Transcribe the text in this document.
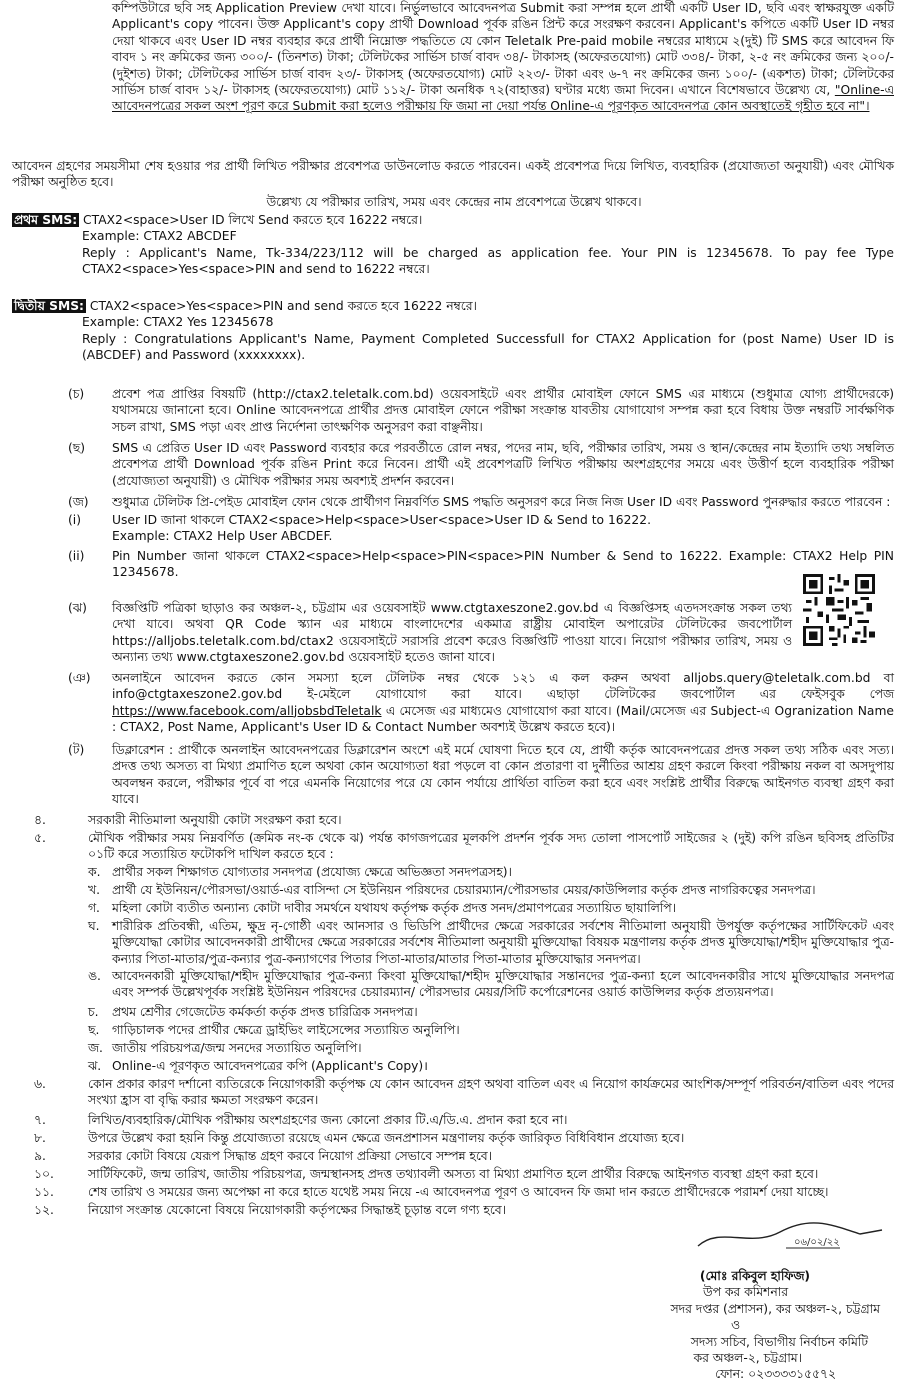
কম্পিউটারে ছবি সহ Application Preview দেখা যাবে। নির্ভুলভাবে আবেদনপত্র Submit করা সম্পন্ন হলে প্রার্থী একটি User ID, ছবি এবং স্বাক্ষরযুক্ত একটি Applicant's copy পাবেন। উক্ত Applicant's copy প্রার্থী Download পূর্বক রঙিন প্রিন্ট করে সংরক্ষণ করবেন। Applicant's কপিতে একটি User ID নম্বর দেয়া থাকবে এবং User ID নম্বর ব্যবহার করে প্রার্থী নিম্নোক্ত পদ্ধতিতে যে কোন Teletalk Pre-paid mobile নম্বরের মাধ্যমে ২(দুই) টি SMS করে আবেদন ফি বাবদ ১ নং ক্রমিকের জন্য ৩০০/- (তিনশত) টাকা; টেলিটকের সার্ভিস চার্জ বাবদ ৩৪/- টাকাসহ (অফেরতযোগ্য) মোট ৩৩৪/- টাকা, ২-৫ নং ক্রমিকের জন্য ২০০/- (দুইশত) টাকা; টেলিটকের সার্ভিস চার্জ বাবদ ২৩/- টাকাসহ (অফেরতযোগ্য) মোট ২২৩/- টাকা এবং ৬-৭ নং ক্রমিকের জন্য ১০০/- (একশত) টাকা; টেলিটকের সার্ভিস চার্জ বাবদ ১২/- টাকাসহ (অফেরতযোগ্য) মোট ১১২/- টাকা অনধিক ৭২(বাহাত্তর) ঘণ্টার মধ্যে জমা দিবেন। এখানে বিশেষভাবে উল্লেখ্য যে, "Online-এ আবেদনপত্রের সকল অংশ পূরণ করে Submit করা হলেও পরীক্ষায় ফি জমা না দেয়া পর্যন্ত Online-এ পূরণকৃত আবেদনপত্র কোন অবস্থাতেই গৃহীত হবে না"।

আবেদন গ্রহণের সময়সীমা শেষ হওয়ার পর প্রার্থী লিখিত পরীক্ষার প্রবেশপত্র ডাউনলোড করতে পারবেন। একই প্রবেশপত্র দিয়ে লিখিত, ব্যবহারিক (প্রযোজ্যতা অনুযায়ী) এবং মৌখিক পরীক্ষা অনুষ্ঠিত হবে।

উল্লেখ্য যে পরীক্ষার তারিখ, সময় এবং কেন্দ্রের নাম প্রবেশপত্রে উল্লেখ থাকবে।

প্রথম SMS: CTAX2<space>User ID লিখে Send করতে হবে 16222 নম্বরে।

Example: CTAX2 ABCDEF

Reply : Applicant's Name, Tk-334/223/112 will be charged as application fee. Your PIN is 12345678. To pay fee Type CTAX2<space>Yes<space>PIN and send to 16222 নম্বরে।

দ্বিতীয় SMS: CTAX2<space>Yes<space>PIN and send করতে হবে 16222 নম্বরে।

Example: CTAX2 Yes 12345678

Reply : Congratulations Applicant's Name, Payment Completed Successfull for CTAX2 Application for (post Name) User ID is (ABCDEF) and Password (xxxxxxxx).

(চ)	প্রবেশ পত্র প্রাপ্তির বিষয়টি (http://ctax2.teletalk.com.bd) ওয়েবসাইটে এবং প্রার্থীর মোবাইল ফোনে SMS এর মাধ্যমে (শুধুমাত্র যোগ্য প্রার্থীদেরকে) যথাসময়ে জানানো হবে। Online আবেদনপত্রে প্রার্থীর প্রদত্ত মোবাইল ফোনে পরীক্ষা সংক্রান্ত যাবতীয় যোগাযোগ সম্পন্ন করা হবে বিধায় উক্ত নম্বরটি সার্বক্ষণিক সচল রাখা, SMS পড়া এবং প্রাপ্ত নির্দেশনা তাৎক্ষণিক অনুসরণ করা বাঞ্ছনীয়।

(ছ)	SMS এ প্রেরিত User ID এবং Password ব্যবহার করে পরবর্তীতে রোল নম্বর, পদের নাম, ছবি, পরীক্ষার তারিখ, সময় ও স্থান/কেন্দ্রের নাম ইত্যাদি তথ্য সম্বলিত প্রবেশপত্র প্রার্থী Download পূর্বক রঙিন Print করে নিবেন। প্রার্থী এই প্রবেশপত্রটি লিখিত পরীক্ষায় অংশগ্রহণের সময়ে এবং উত্তীর্ণ হলে ব্যবহারিক পরীক্ষা (প্রযোজ্যতা অনুযায়ী) ও মৌখিক পরীক্ষার সময় অবশ্যই প্রদর্শন করবেন।

(জ)	শুধুমাত্র টেলিটক প্রি-পেইড মোবাইল ফোন থেকে প্রার্থীগণ নিম্নবর্ণিত SMS পদ্ধতি অনুসরণ করে নিজ নিজ User ID এবং Password পুনরুদ্ধার করতে পারবেন :

(i)	User ID জানা থাকলে CTAX2<space>Help<space>User<space>User ID & Send to 16222.

Example: CTAX2 Help User ABCDEF.

(ii)	Pin Number জানা থাকলে CTAX2<space>Help<space>PIN<space>PIN Number & Send to 16222. Example: CTAX2 Help PIN 12345678.

(ঝ)	বিজ্ঞপ্তিটি পত্রিকা ছাড়াও কর অঞ্চল-২, চট্টগ্রাম এর ওয়েবসাইট www.ctgtaxeszone2.gov.bd এ বিজ্ঞপ্তিসহ এতদসংক্রান্ত সকল তথ্য দেখা যাবে। অথবা QR Code স্ক্যান এর মাধ্যমে বাংলাদেশের একমাত্র রাষ্ট্রীয় মোবাইল অপারেটর টেলিটকের জবপোর্টাল https://alljobs.teletalk.com.bd/ctax2 ওয়েবসাইটে সরাসরি প্রবেশ করেও বিজ্ঞপ্তিটি পাওয়া যাবে। নিয়োগ পরীক্ষার তারিখ, সময় ও অন্যান্য তথ্য www.ctgtaxeszone2.gov.bd ওয়েবসাইট হতেও জানা যাবে।

(ঞ)	অনলাইনে আবেদন করতে কোন সমস্যা হলে টেলিটক নম্বর থেকে ১২১ এ কল করুন অথবা alljobs.query@teletalk.com.bd বা info@ctgtaxeszone2.gov.bd ই-মেইলে যোগাযোগ করা যাবে। এছাড়া টেলিটকের জবপোর্টাল এর ফেইসবুক পেজ https://www.facebook.com/alljobsbdTeletalk এ মেসেজ এর মাধ্যমেও যোগাযোগ করা যাবে। (Mail/মেসেজ এর Subject-এ Ogranization Name : CTAX2, Post Name, Applicant's User ID & Contact Number অবশ্যই উল্লেখ করতে হবে)।

(ট)	ডিক্লারেশন : প্রার্থীকে অনলাইন আবেদনপত্রের ডিক্লারেশন অংশে এই মর্মে ঘোষণা দিতে হবে যে, প্রার্থী কর্তৃক আবেদনপত্রের প্রদত্ত সকল তথ্য সঠিক এবং সত্য। প্রদত্ত তথ্য অসত্য বা মিথ্যা প্রমাণিত হলে অথবা কোন অযোগ্যতা ধরা পড়লে বা কোন প্রতারণা বা দুর্নীতির আশ্রয় গ্রহণ করলে কিংবা পরীক্ষায় নকল বা অসদুপায় অবলম্বন করলে, পরীক্ষার পূর্বে বা পরে এমনকি নিয়োগের পরে যে কোন পর্যায়ে প্রার্থিতা বাতিল করা হবে এবং সংশ্লিষ্ট প্রার্থীর বিরুদ্ধে আইনগত ব্যবস্থা গ্রহণ করা যাবে।

৪.	সরকারী নীতিমালা অনুযায়ী কোটা সংরক্ষণ করা হবে।

৫.	মৌখিক পরীক্ষার সময় নিম্নবর্ণিত (ক্রমিক নং-ক থেকে ঝ) পর্যন্ত কাগজপত্রের মূলকপি প্রদর্শন পূর্বক সদ্য তোলা পাসপোর্ট সাইজের ২ (দুই) কপি রঙিন ছবিসহ প্রতিটির ০১টি করে সত্যায়িত ফটোকপি দাখিল করতে হবে :

ক. প্রার্থীর সকল শিক্ষাগত যোগ্যতার সনদপত্র (প্রযোজ্য ক্ষেত্রে অভিজ্ঞতা সনদপত্রসহ)।

খ. প্রার্থী যে ইউনিয়ন/পৌরসভা/ওয়ার্ড-এর বাসিন্দা সে ইউনিয়ন পরিষদের চেয়ারম্যান/পৌরসভার মেয়র/কাউন্সিলার কর্তৃক প্রদত্ত নাগরিকত্বের সনদপত্র।

গ. মহিলা কোটা ব্যতীত অন্যান্য কোটা দাবীর সমর্থনে যথাযথ কর্তৃপক্ষ কর্তৃক প্রদত্ত সনদ/প্রমাণপত্রের সত্যায়িত ছায়ালিপি।

ঘ.	শারীরিক প্রতিবন্ধী, এতিম, ক্ষুদ্র নৃ-গোষ্ঠী এবং আনসার ও ভিডিপি প্রার্থীদের ক্ষেত্রে সরকারের সর্বশেষ নীতিমালা অনুযায়ী উপর্যুক্ত কর্তৃপক্ষের সার্টিফিকেট এবং মুক্তিযোদ্ধা কোটার আবেদনকারী প্রার্থীদের ক্ষেত্রে সরকারের সর্বশেষ নীতিমালা অনুযায়ী মুক্তিযোদ্ধা বিষয়ক মন্ত্রণালয় কর্তৃক প্রদত্ত মুক্তিযোদ্ধা/শহীদ মুক্তিযোদ্ধার পুত্র-কন্যার পিতা-মাতার/পুত্র-কন্যার পুত্র-কন্যাগণের পিতার পিতা-মাতার/মাতার পিতা-মাতার মুক্তিযোদ্ধার সনদপত্র।

ঙ. আবেদনকারী মুক্তিযোদ্ধা/শহীদ মুক্তিযোদ্ধার পুত্র-কন্যা কিংবা মুক্তিযোদ্ধা/শহীদ মুক্তিযোদ্ধার সন্তানদের পুত্র-কন্যা হলে আবেদনকারীর সাথে মুক্তিযোদ্ধার সনদপত্র এবং সম্পর্ক উল্লেখপূর্বক সংশ্লিষ্ট ইউনিয়ন পরিষদের চেয়ারম্যান/ পৌরসভার মেয়র/সিটি কর্পোরেশনের ওয়ার্ড কাউন্সিলর কর্তৃক প্রত্যয়নপত্র।

চ.	প্রথম শ্রেণীর গেজেটেড কর্মকর্তা কর্তৃক প্রদত্ত চারিত্রিক সনদপত্র।

ছ.	গাড়িচালক পদের প্রার্থীর ক্ষেত্রে ড্রাইভিং লাইসেন্সের সত্যায়িত অনুলিপি।

জ. জাতীয় পরিচয়পত্র/জন্ম সনদের সত্যায়িত অনুলিপি।

ঝ. Online-এ পূরণকৃত আবেদনপত্রের কপি (Applicant's Copy)।

৬.	কোন প্রকার কারণ দর্শানো ব্যতিরেকে নিয়োগকারী কর্তৃপক্ষ যে কোন আবেদন গ্রহণ অথবা বাতিল এবং এ নিয়োগ কার্যক্রমের আংশিক/সম্পূর্ণ পরিবর্তন/বাতিল এবং পদের সংখ্যা হ্রাস বা বৃদ্ধি করার ক্ষমতা সংরক্ষণ করেন।

৭.	লিখিত/ব্যবহারিক/মৌখিক পরীক্ষায় অংশগ্রহণের জন্য কোনো প্রকার টি.এ/ডি.এ. প্রদান করা হবে না।

৮.	উপরে উল্লেখ করা হয়নি কিন্তু প্রযোজ্যতা রয়েছে এমন ক্ষেত্রে জনপ্রশাসন মন্ত্রণালয় কর্তৃক জারিকৃত বিধিবিধান প্রযোজ্য হবে।

৯.	সরকার কোটা বিষয়ে যেরূপ সিদ্ধান্ত গ্রহণ করবে নিয়োগ প্রক্রিয়া সেভাবে সম্পন্ন হবে।

১০.	সার্টিফিকেট, জন্ম তারিখ, জাতীয় পরিচয়পত্র, জন্মস্থানসহ প্রদত্ত তথ্যাবলী অসত্য বা মিথ্যা প্রমাণিত হলে প্রার্থীর বিরুদ্ধে আইনগত ব্যবস্থা গ্রহণ করা হবে।

১১.	শেষ তারিখ ও সময়ের জন্য অপেক্ষা না করে হাতে যথেষ্ট সময় নিয়ে -এ আবেদনপত্র পূরণ ও আবেদন ফি জমা দান করতে প্রার্থীদেরকে পরামর্শ দেয়া যাচ্ছে।

১২.	নিয়োগ সংক্রান্ত যেকোনো বিষয়ে নিয়োগকারী কর্তৃপক্ষের সিদ্ধান্তই চূড়ান্ত বলে গণ্য হবে।

০৬/০২/২২

(মোঃ রকিবুল হাফিজ)

উপ কর কমিশনার

সদর দপ্তর (প্রশাসন), কর অঞ্চল-২, চট্টগ্রাম

ও

সদস্য সচিব, বিভাগীয় নির্বাচন কমিটি

কর অঞ্চল-২, চট্টগ্রাম।

ফোন: ০২৩৩৩৩১৫৫৭২
